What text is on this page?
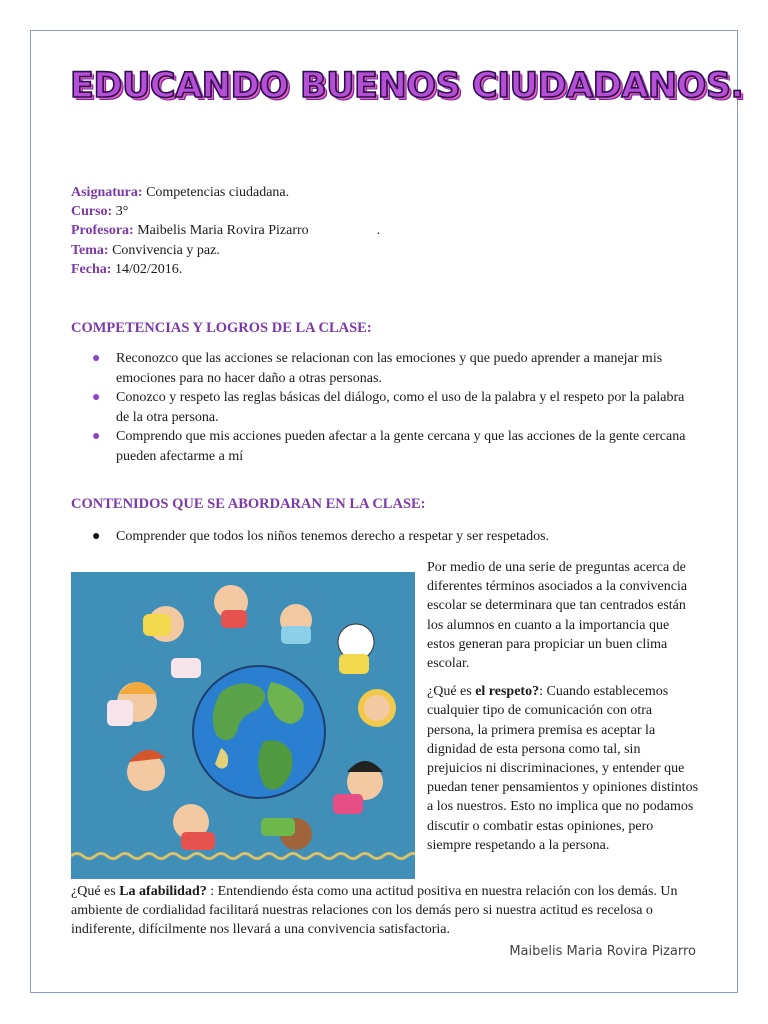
EDUCANDO BUENOS CIUDADANOS.
Asignatura: Competencias ciudadana.
Curso: 3°
Profesora: Maibelis Maria Rovira Pizarro	.
Tema: Convivencia y paz.
Fecha: 14/02/2016.
COMPETENCIAS Y LOGROS DE LA CLASE:
● Reconozco que las acciones se relacionan con las emociones y que puedo aprender a manejar mis emociones para no hacer daño a otras personas.
● Conozco y respeto las reglas básicas del diálogo, como el uso de la palabra y el respeto por la palabra de la otra persona.
● Comprendo que mis acciones pueden afectar a la gente cercana y que las acciones de la gente cercana pueden afectarme a mí
CONTENIDOS QUE SE ABORDARAN EN LA CLASE:
● Comprender que todos los niños tenemos derecho a respetar y ser respetados.

Por medio de una serie de preguntas acerca de diferentes términos asociados a la convivencia escolar se determinara que tan centrados están los alumnos en cuanto a la importancia que estos generan para propiciar un buen clima escolar.

¿Qué es el respeto?: Cuando establecemos cualquier tipo de comunicación con otra persona, la primera premisa es aceptar la dignidad de esta persona como tal, sin prejuicios ni discriminaciones, y entender que puedan tener pensamientos y opiniones distintos a los nuestros. Esto no implica que no podamos discutir o combatir estas opiniones, pero siempre respetando a la persona.

¿Qué es La afabilidad? : Entendiendo ésta como una actitud positiva en nuestra relación con los demás. Un ambiente de cordialidad facilitará nuestras relaciones con los demás pero si nuestra actitud es recelosa o indiferente, difícilmente nos llevará a una convivencia satisfactoria.
Maibelis Maria Rovira Pizarro
